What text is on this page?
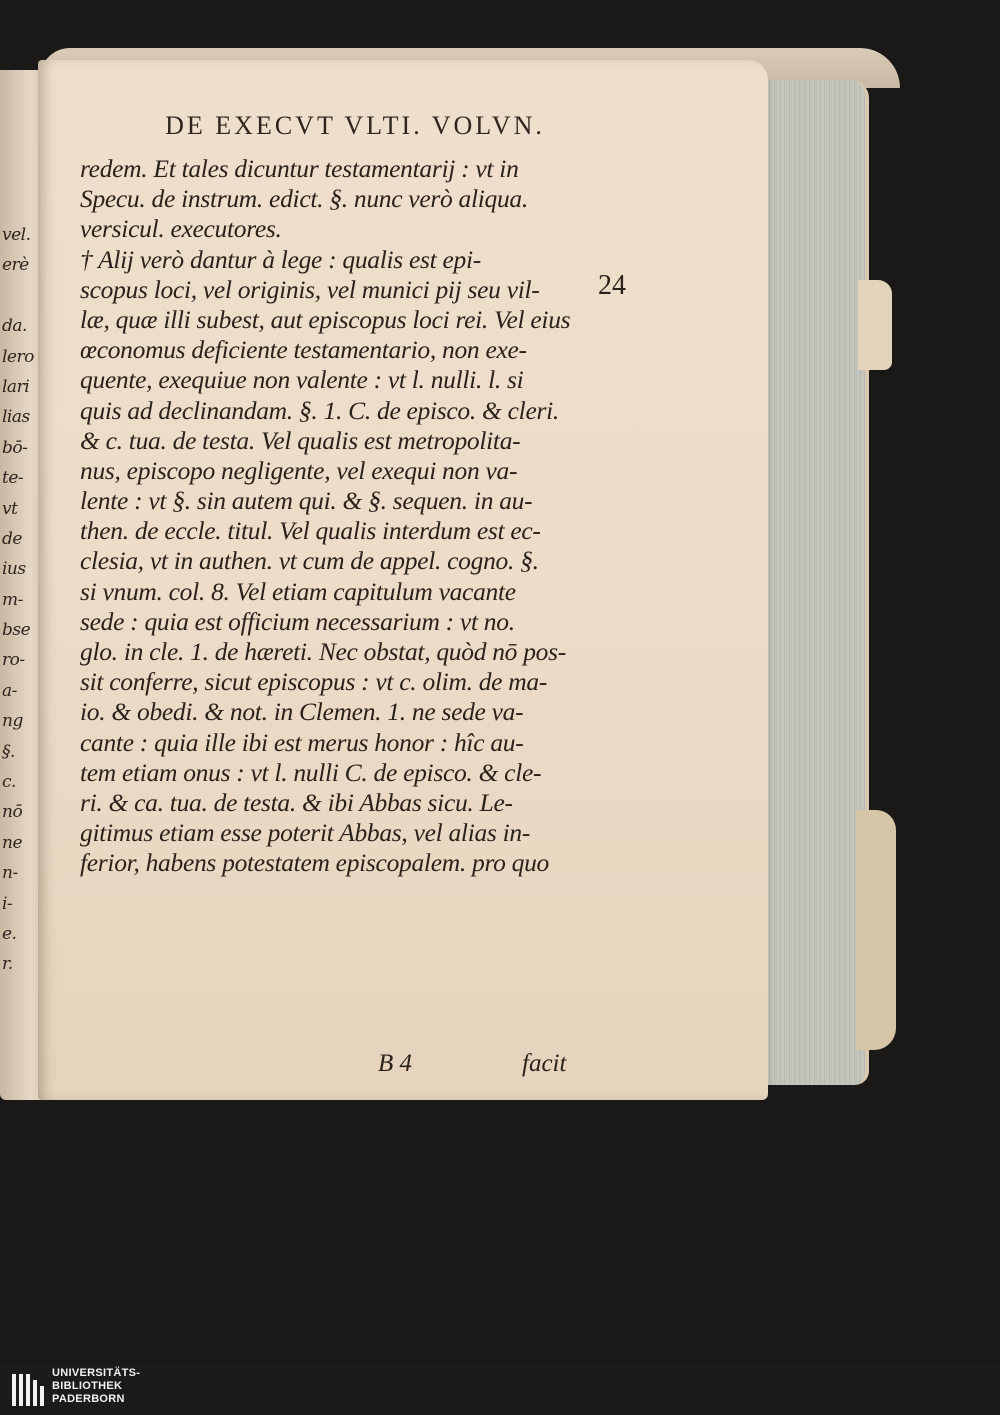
vel.
erè
da.
lero
lari
lias
bō-
te-
vt
de
ius
m-
bse
ro-
a-
ng
§.
c.
nō
ne
n-
i-
e.
r.
DE EXECVT VLTI. VOLVN.
24
redem. Et tales dicuntur testamentarij : vt in
Specu. de instrum. edict. §. nunc verò aliqua.
versicul. executores.
† Alij verò dantur à lege : qualis est epi-
scopus loci, vel originis, vel munici pij seu vil-
læ, quæ illi subest, aut episcopus loci rei. Vel eius
œconomus deficiente testamentario, non exe-
quente, exequiue non valente : vt l. nulli. l. si
quis ad declinandam. §. 1. C. de episco. & cleri.
& c. tua. de testa. Vel qualis est metropolita-
nus, episcopo negligente, vel exequi non va-
lente : vt §. sin autem qui. & §. sequen. in au-
then. de eccle. titul. Vel qualis interdum est ec-
clesia, vt in authen. vt cum de appel. cogno. §.
si vnum. col. 8. Vel etiam capitulum vacante
sede : quia est officium necessarium : vt no.
glo. in cle. 1. de hæreti. Nec obstat, quòd nō pos-
sit conferre, sicut episcopus : vt c. olim. de ma-
io. & obedi. & not. in Clemen. 1. ne sede va-
cante : quia ille ibi est merus honor : hîc au-
tem etiam onus : vt l. nulli C. de episco. & cle-
ri. & ca. tua. de testa. & ibi Abbas sicu. Le-
gitimus etiam esse poterit Abbas, vel alias in-
ferior, habens potestatem episcopalem. pro quo
B 4	facit
UNIVERSITÄTS-
BIBLIOTHEK
PADERBORN
